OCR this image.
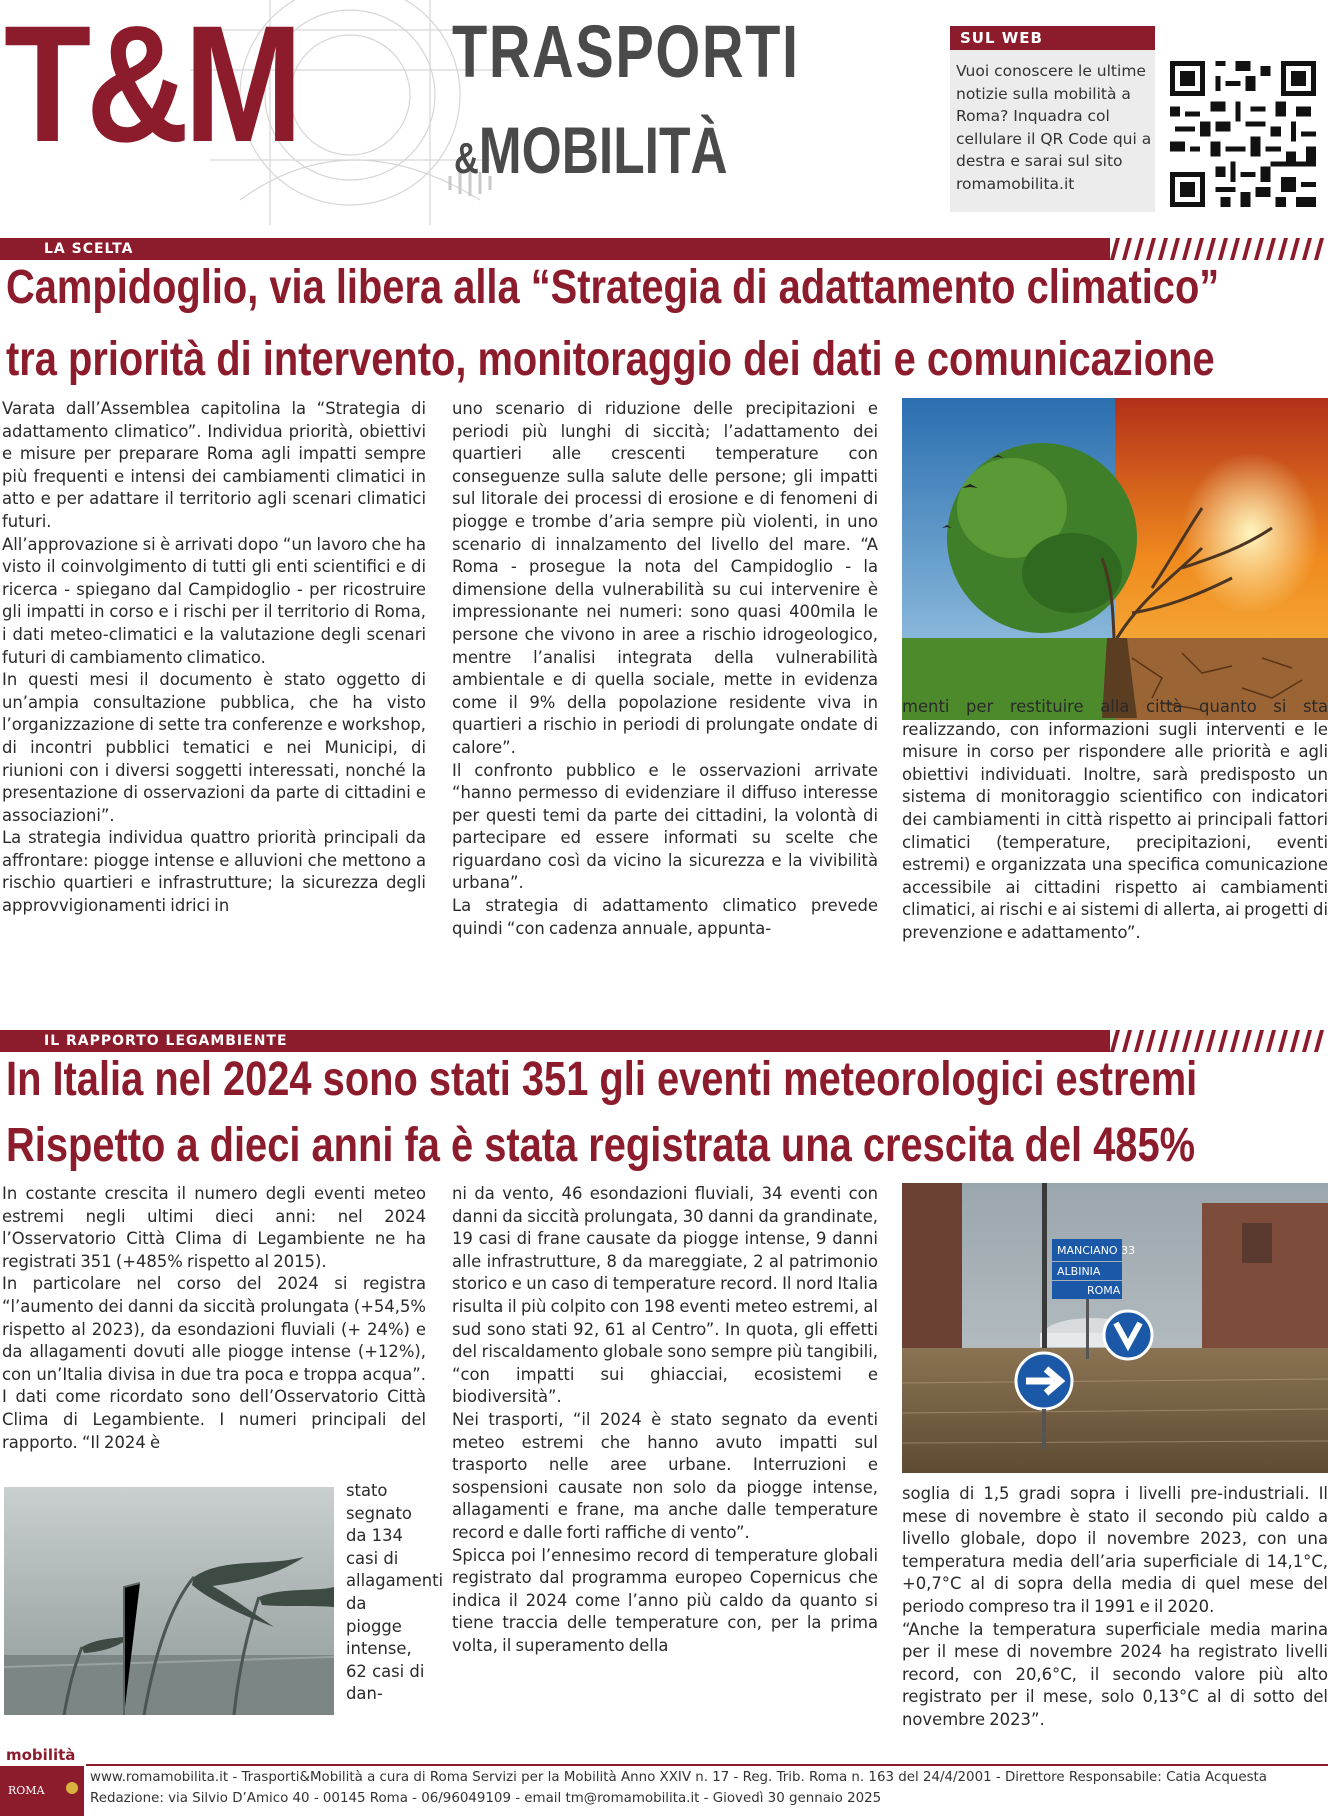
T&M TRASPORTI
&MOBILITÀ
SUL WEB
Vuoi conoscere le ultime notizie sulla mobilità a Roma? Inquadra col cellulare il QR Code qui a destra e sarai sul sito romamobilita.it
LA SCELTA
Campidoglio, via libera alla “Strategia di adattamento climatico”
tra priorità di intervento, monitoraggio dei dati e comunicazione

Varata dall’Assemblea capitolina la “Strategia di adattamento climatico”. Individua priorità, obiettivi e misure per preparare Roma agli impatti sempre più frequenti e intensi dei cambiamenti climatici in atto e per adattare il territorio agli scenari climatici futuri.

All’approvazione si è arrivati dopo “un lavoro che ha visto il coinvolgimento di tutti gli enti scientifici e di ricerca - spiegano dal Campidoglio - per ricostruire gli impatti in corso e i rischi per il territorio di Roma, i dati meteo-climatici e la valutazione degli scenari futuri di cambiamento climatico.

In questi mesi il documento è stato oggetto di un’ampia consultazione pubblica, che ha visto l’organizzazione di sette tra conferenze e workshop, di incontri pubblici tematici e nei Municipi, di riunioni con i diversi soggetti interessati, nonché la presentazione di osservazioni da parte di cittadini e associazioni”.

La strategia individua quattro priorità principali da affrontare: piogge intense e alluvioni che mettono a rischio quartieri e infrastrutture; la sicurezza degli approvvigionamenti idrici in

uno scenario di riduzione delle precipitazioni e periodi più lunghi di siccità; l’adattamento dei quartieri alle crescenti temperature con conseguenze sulla salute delle persone; gli impatti sul litorale dei processi di erosione e di fenomeni di piogge e trombe d’aria sempre più violenti, in uno scenario di innalzamento del livello del mare. “A Roma - prosegue la nota del Campidoglio - la dimensione della vulnerabilità su cui intervenire è impressionante nei numeri: sono quasi 400mila le persone che vivono in aree a rischio idrogeologico, mentre l’analisi integrata della vulnerabilità ambientale e di quella sociale, mette in evidenza come il 9% della popolazione residente viva in quartieri a rischio in periodi di prolungate ondate di calore”.

Il confronto pubblico e le osservazioni arrivate “hanno permesso di evidenziare il diffuso interesse per questi temi da parte dei cittadini, la volontà di partecipare ed essere informati su scelte che riguardano così da vicino la sicurezza e la vivibilità urbana”.

La strategia di adattamento climatico prevede quindi “con cadenza annuale, appunta-

menti per restituire alla città quanto si sta realizzando, con informazioni sugli interventi e le misure in corso per rispondere alle priorità e agli obiettivi individuati. Inoltre, sarà predisposto un sistema di monitoraggio scientifico con indicatori dei cambiamenti in città rispetto ai principali fattori climatici (temperature, precipitazioni, eventi estremi) e organizzata una specifica comunicazione accessibile ai cittadini rispetto ai cambiamenti climatici, ai rischi e ai sistemi di allerta, ai progetti di prevenzione e adattamento”.

IL RAPPORTO LEGAMBIENTE
In Italia nel 2024 sono stati 351 gli eventi meteorologici estremi
Rispetto a dieci anni fa è stata registrata una crescita del 485%

In costante crescita il numero degli eventi meteo estremi negli ultimi dieci anni: nel 2024 l’Osservatorio Città Clima di Legambiente ne ha registrati 351 (+485% rispetto al 2015).

In particolare nel corso del 2024 si registra “l’aumento dei danni da siccità prolungata (+54,5% rispetto al 2023), da esondazioni fluviali (+ 24%) e da allagamenti dovuti alle piogge intense (+12%), con un’Italia divisa in due tra poca e troppa acqua”. I dati come ricordato sono dell’Osservatorio Città Clima di Legambiente. I numeri principali del rapporto. “Il 2024 è

stato segnato da 134 casi di allagamenti da piogge intense, 62 casi di dan-

ni da vento, 46 esondazioni fluviali, 34 eventi con danni da siccità prolungata, 30 danni da grandinate, 19 casi di frane causate da piogge intense, 9 danni alle infrastrutture, 8 da mareggiate, 2 al patrimonio storico e un caso di temperature record. Il nord Italia risulta il più colpito con 198 eventi meteo estremi, al sud sono stati 92, 61 al Centro”. In quota, gli effetti del riscaldamento globale sono sempre più tangibili, “con impatti sui ghiacciai, ecosistemi e biodiversità”.

Nei trasporti, “il 2024 è stato segnato da eventi meteo estremi che hanno avuto impatti sul trasporto nelle aree urbane. Interruzioni e sospensioni causate non solo da piogge intense, allagamenti e frane, ma anche dalle temperature record e dalle forti raffiche di vento”.

Spicca poi l’ennesimo record di temperature globali registrato dal programma europeo Copernicus che indica il 2024 come l’anno più caldo da quanto si tiene traccia delle temperature con, per la prima volta, il superamento della

MANCIANO 33
ALBINIA
ROMA

soglia di 1,5 gradi sopra i livelli pre-industriali. Il mese di novembre è stato il secondo più caldo a livello globale, dopo il novembre 2023, con una temperatura media dell’aria superficiale di 14,1°C, +0,7°C al di sopra della media di quel mese del periodo compreso tra il 1991 e il 2020.

“Anche la temperatura superficiale media marina per il mese di novembre 2024 ha registrato livelli record, con 20,6°C, il secondo valore più alto registrato per il mese, solo 0,13°C al di sotto del novembre 2023”.

mobilità
ROMA
www.romamobilita.it - Trasporti&Mobilità a cura di Roma Servizi per la Mobilità Anno XXIV n. 17 - Reg. Trib. Roma n. 163 del 24/4/2001 - Direttore Responsabile: Catia Acquesta
Redazione: via Silvio D’Amico 40 - 00145 Roma - 06/96049109 - email tm@romamobilita.it - Giovedì 30 gennaio 2025
